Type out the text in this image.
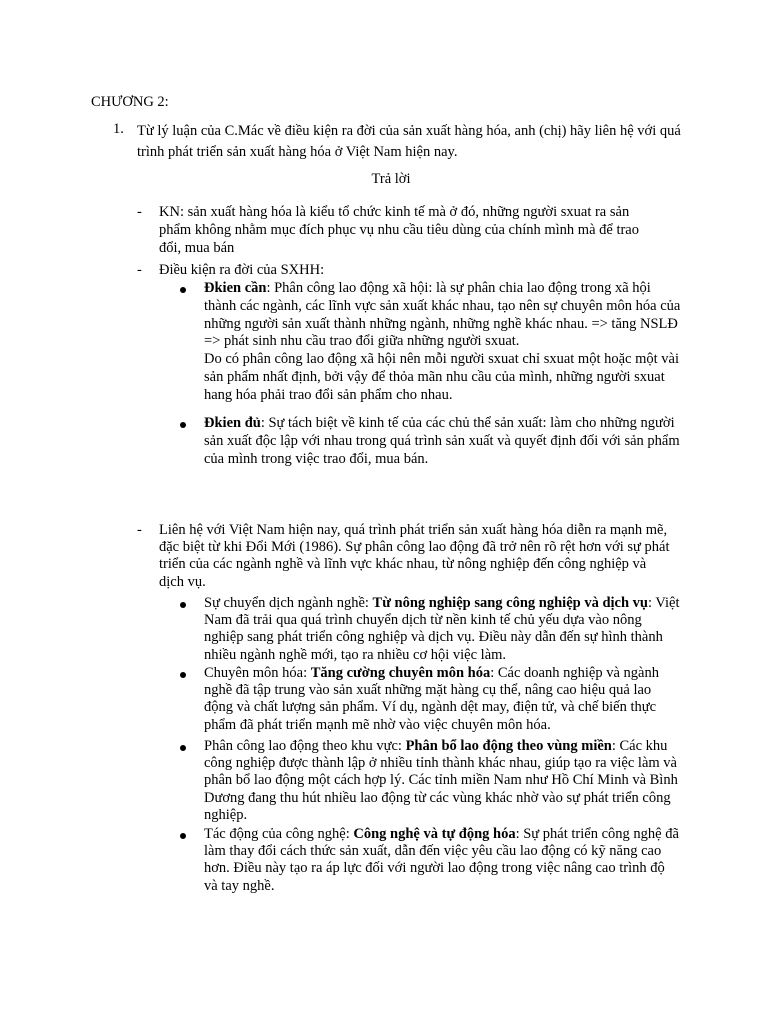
CHƯƠNG 2:

1. Từ lý luận của C.Mác về điều kiện ra đời của sản xuất hàng hóa, anh (chị) hãy liên hệ với quá trình phát triển sản xuất hàng hóa ở Việt Nam hiện nay.

Trả lời

- KN: sản xuất hàng hóa là kiểu tổ chức kinh tế mà ở đó, những người sxuat ra sản phẩm không nhằm mục đích phục vụ nhu cầu tiêu dùng của chính mình mà để trao đổi, mua bán

- Điều kiện ra đời của SXHH:

Đkien cần: Phân công lao động xã hội: là sự phân chia lao động trong xã hội thành các ngành, các lĩnh vực sản xuất khác nhau, tạo nên sự chuyên môn hóa của những người sản xuất thành những ngành, những nghề khác nhau. => tăng NSLĐ => phát sinh nhu cầu trao đổi giữa những người sxuat.

Do có phân công lao động xã hội nên mỗi người sxuat chỉ sxuat một hoặc một vài sản phẩm nhất định, bởi vậy để thỏa mãn nhu cầu của mình, những người sxuat hang hóa phải trao đổi sản phẩm cho nhau.

Đkien đủ: Sự tách biệt về kinh tế của các chủ thể sản xuất: làm cho những người sản xuất độc lập với nhau trong quá trình sản xuất và quyết định đối với sản phẩm của mình trong việc trao đổi, mua bán.

- Liên hệ với Việt Nam hiện nay, quá trình phát triển sản xuất hàng hóa diễn ra mạnh mẽ, đặc biệt từ khi Đổi Mới (1986). Sự phân công lao động đã trở nên rõ rệt hơn với sự phát triển của các ngành nghề và lĩnh vực khác nhau, từ nông nghiệp đến công nghiệp và dịch vụ.

Sự chuyển dịch ngành nghề: Từ nông nghiệp sang công nghiệp và dịch vụ: Việt Nam đã trải qua quá trình chuyển dịch từ nền kinh tế chủ yếu dựa vào nông nghiệp sang phát triển công nghiệp và dịch vụ. Điều này dẫn đến sự hình thành nhiều ngành nghề mới, tạo ra nhiều cơ hội việc làm.

Chuyên môn hóa: Tăng cường chuyên môn hóa: Các doanh nghiệp và ngành nghề đã tập trung vào sản xuất những mặt hàng cụ thể, nâng cao hiệu quả lao động và chất lượng sản phẩm. Ví dụ, ngành dệt may, điện tử, và chế biến thực phẩm đã phát triển mạnh mẽ nhờ vào việc chuyên môn hóa.

Phân công lao động theo khu vực: Phân bổ lao động theo vùng miền: Các khu công nghiệp được thành lập ở nhiều tỉnh thành khác nhau, giúp tạo ra việc làm và phân bổ lao động một cách hợp lý. Các tỉnh miền Nam như Hồ Chí Minh và Bình Dương đang thu hút nhiều lao động từ các vùng khác nhờ vào sự phát triển công nghiệp.

Tác động của công nghệ: Công nghệ và tự động hóa: Sự phát triển công nghệ đã làm thay đổi cách thức sản xuất, dẫn đến việc yêu cầu lao động có kỹ năng cao hơn. Điều này tạo ra áp lực đối với người lao động trong việc nâng cao trình độ và tay nghề.
